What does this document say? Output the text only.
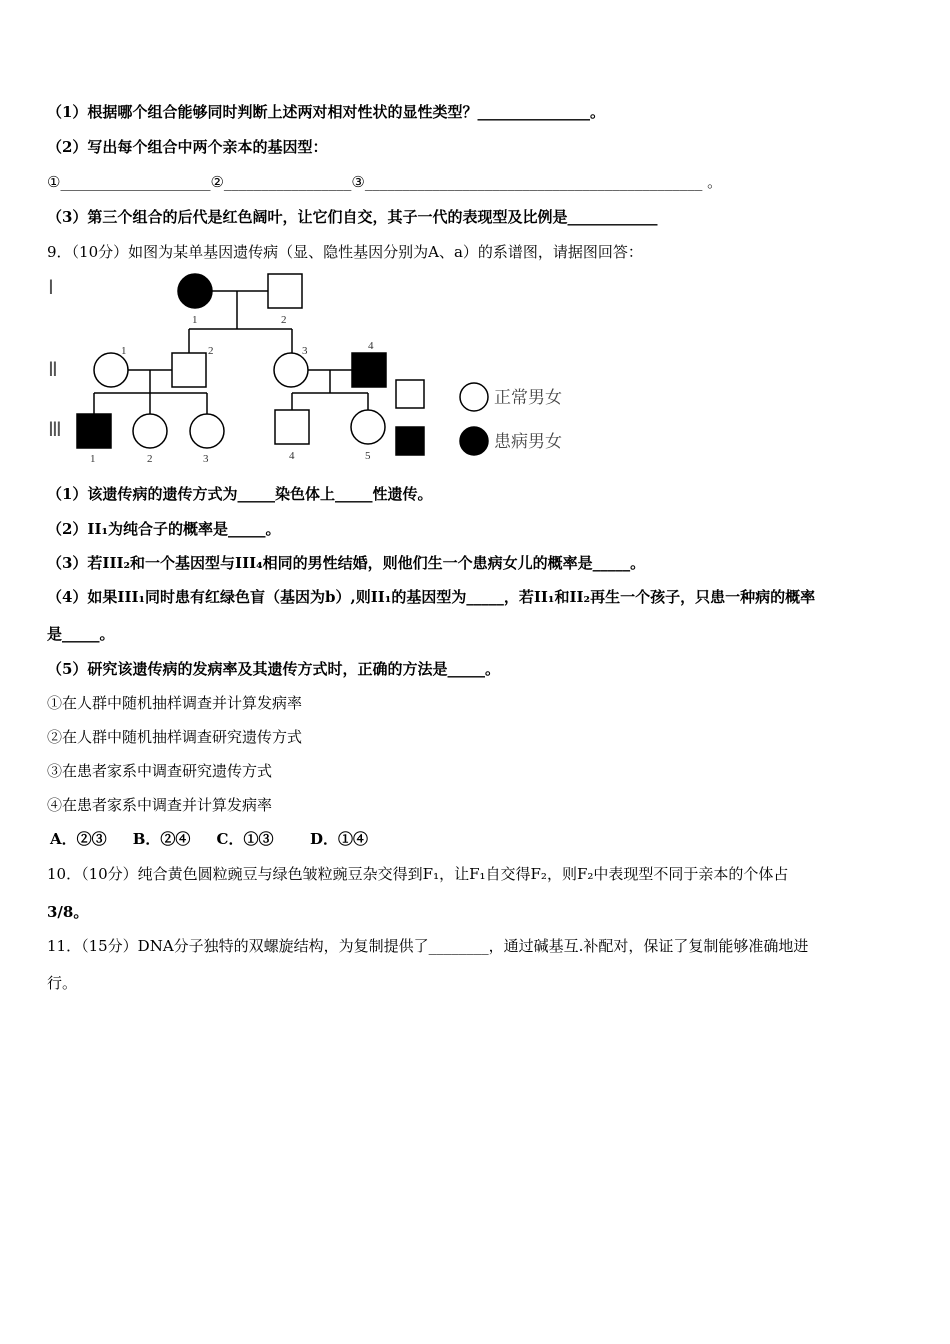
（1）根据哪个组合能够同时判断上述两对相对性状的显性类型？_______________。
（2）写出每个组合中两个亲本的基因型：
①____________________②_________________③_____________________________________________ 。
（3）第三个组合的后代是红色阔叶，让它们自交，其子一代的表现型及比例是____________
9．（10分）如图为某单基因遗传病（显、隐性基因分别为A、a）的系谱图，请据图回答：
Ⅰ
Ⅱ
Ⅲ
1	2
1	2	3	4
1	2	3	4	5
正常男女
患病男女
（1）该遗传病的遗传方式为_____染色体上_____性遗传。
（2）II₁为纯合子的概率是_____。
（3）若III₂和一个基因型与III₄相同的男性结婚，则他们生一个患病女儿的概率是_____。
（4）如果III₁同时患有红绿色盲（基因为b）,则II₁的基因型为_____，若II₁和II₂再生一个孩子，只患一种病的概率
是_____。
（5）研究该遗传病的发病率及其遗传方式时，正确的方法是_____。
①在人群中随机抽样调查并计算发病率
②在人群中随机抽样调查研究遗传方式
③在患者家系中调查研究遗传方式
④在患者家系中调查并计算发病率
A．②③     B．②④     C．①③       D．①④
10．（10分）纯合黄色圆粒豌豆与绿色皱粒豌豆杂交得到F₁，让F₁自交得F₂，则F₂中表现型不同于亲本的个体占
3/8。
11．（15分）DNA分子独特的双螺旋结构，为复制提供了________，通过碱基互.补配对，保证了复制能够准确地进
行。
